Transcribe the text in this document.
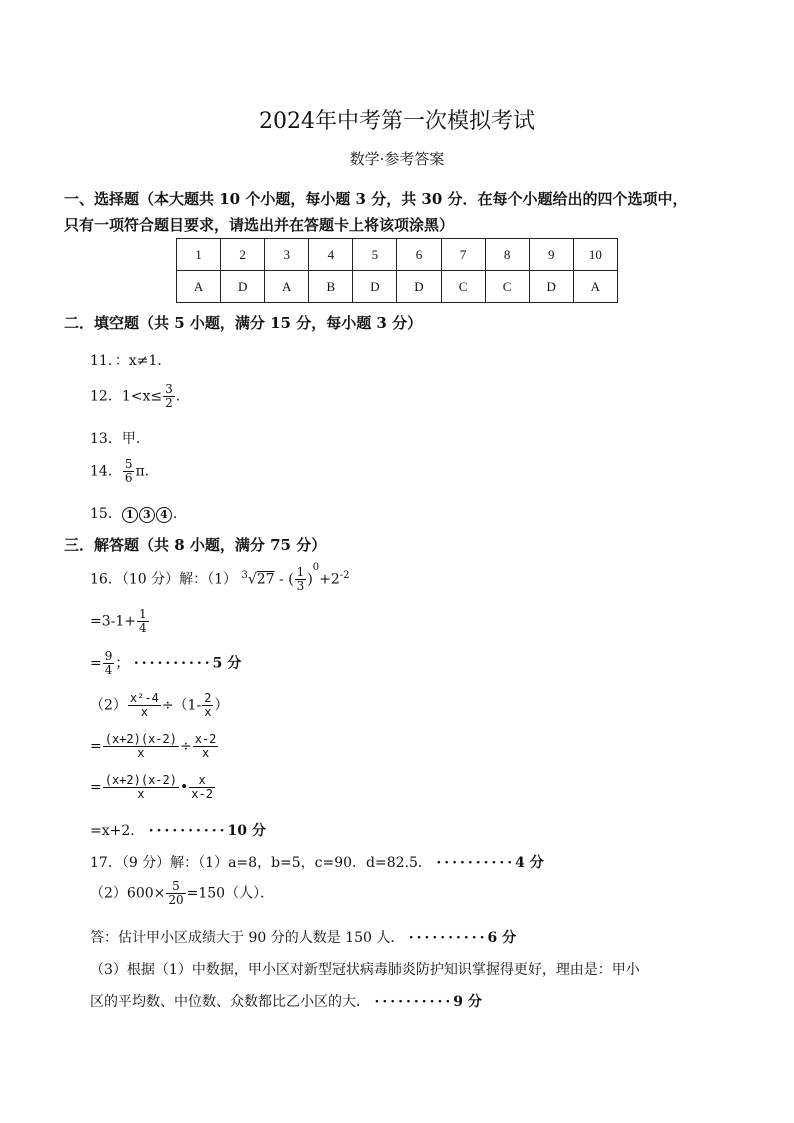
2024年中考第一次模拟考试
数学·参考答案
一、选择题（本大题共 10 个小题，每小题 3 分，共 30 分．在每个小题给出的四个选项中，
只有一项符合题目要求，请选出并在答题卡上将该项涂黑）
1	2	3	4	5	6	7	8	9	10
A	D	A	B	D	D	C	C	D	A
二．填空题（共 5 小题，满分 15 分，每小题 3 分）
11．：x≠1.
12．$1<x\le \frac{3}{2}$ .
13．甲.
14． $\frac{5}{6} \pi$.
15． 1 3 4 .
三．解答题（共 8 小题，满分 75 分）
16．（10 分）解：（1） $^3$√27 - ( $\frac{1}{3} )^0+2^{-2}$
$=3-1+ \frac{1}{4}$
= $\frac{9}{4}$ ； ··········5 分
$(2) \frac{\text{x²-4}}{x} \div(1- \frac{2}{x}$ ）
= $\frac{(x+2)(x-2)}{x} \div \frac{x-2}{x}$
= $\frac{(x+2)(x-2)}{x}$ • $\frac{x}{x-2}$
=x+2． ··········10 分
17．（9 分）解：（1）a=8，b=5，c=90．d=82.5． ··········4 分
$(2)600\times \frac{5}{20} =150$（人）．
答：估计甲小区成绩大于 90 分的人数是 150 人． ··········6 分
（3）根据（1）中数据，甲小区对新型冠状病毒肺炎防护知识掌握得更好，理由是：甲小
区的平均数、中位数、众数都比乙小区的大． ··········9 分
